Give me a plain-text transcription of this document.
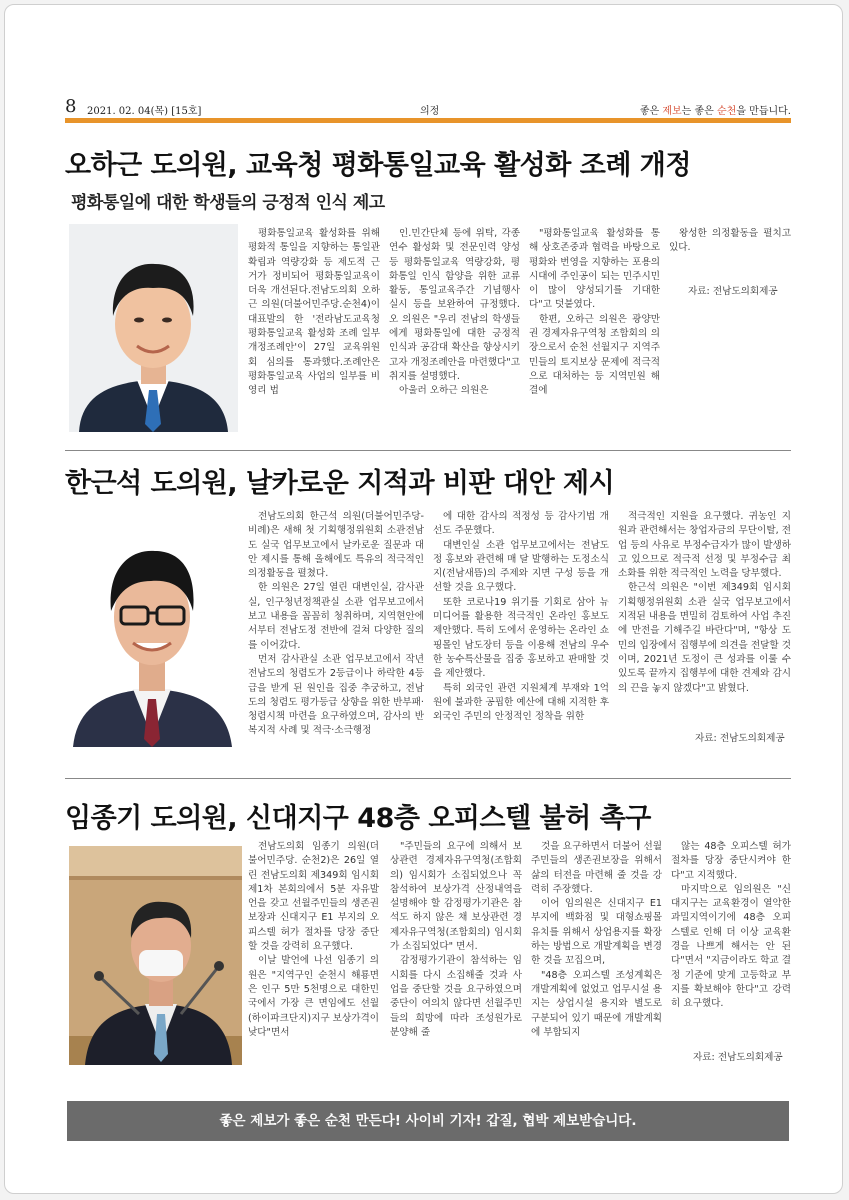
8 2021. 02. 04(목) [15호]	의정	좋은 제보는 좋은 순천을 만듭니다.
오하근 도의원, 교육청 평화통일교육 활성화 조례 개정
평화통일에 대한 학생들의 긍정적 인식 제고
평화통일교육 활성화를 위해 평화적 통일을 지향하는 통일관 확립과 역량강화 등 제도적 근거가 정비되어 평화통일교육이 더욱 개선된다.전남도의회 오하근 의원(더불어민주당.순천4)이 대표발의 한 '전라남도교육청 평화통일교육 활성화 조례 일부개정조례안'이 27일 교육위원회 심의를 통과했다.조례안은 평화통일교육 사업의 일부를 비영리 법
인.민간단체 등에 위탁, 각종 연수 활성화 및 전문인력 양성 등 평화통일교육 역량강화, 평화통일 인식 함양을 위한 교류활동, 통일교육주간 기념행사 실시 등을 보완하여 규정했다.오 의원은 "우리 전남의 학생들에게 평화통일에 대한 긍정적 인식과 공감대 확산을 향상시키고자 개정조례안을 마련했다"고 취지를 설명했다.
아울러 오하근 의원은
"평화통일교육 활성화를 통해 상호존중과 협력을 바탕으로 평화와 번영을 지향하는 포용의 시대에 주인공이 되는 민주시민이 많이 양성되기를 기대한다"고 덧붙였다.
한편, 오하근 의원은 광양만권 경제자유구역청 조합회의 의장으로서 순천 선월지구 지역주민들의 토지보상 문제에 적극적으로 대처하는 등 지역민원 해결에
왕성한 의정활동을 펼치고 있다.
자료: 전남도의회제공
한근석 도의원, 날카로운 지적과 비판 대안 제시
전남도의회 한근석 의원(더불어민주당-비례)은 새해 첫 기획행정위원회 소관전남도 실국 업무보고에서 날카로운 질문과 대안 제시를 통해 올해에도 특유의 적극적인 의정활동을 펼쳤다.
한 의원은 27일 열린 대변인실, 감사관실, 인구청년정책관실 소관 업무보고에서 보고 내용을 꼼꼼히 청취하며, 지역현안에서부터 전남도정 전반에 걸쳐 다양한 질의를 이어갔다.
먼저 감사관실 소관 업무보고에서 작년 전남도의 청렴도가 2등급이나 하락한 4등급을 받게 된 원인을 집중 추궁하고, 전남도의 청렴도 평가등급 상향을 위한 반부패·청렴시책 마련을 요구하였으며, 감사의 반복지적 사례 및 적극·소극행정
에 대한 감사의 적정성 등 감사기법 개선도 주문했다.
대변인실 소관 업무보고에서는 전남도정 홍보와 관련해 매 달 발행하는 도정소식지(전남새뜸)의 주제와 지면 구성 등을 개선할 것을 요구했다.
또한 코로나19 위기를 기회로 삼아 뉴미디어를 활용한 적극적인 온라인 홍보도 제안했다. 특히 도에서 운영하는 온라인 쇼핑몰인 남도장터 등을 이용해 전남의 우수한 농수특산물을 집중 홍보하고 판매할 것을 제안했다.
특히 외국인 관련 지원체계 부재와 1억 원에 불과한 공핍한 예산에 대해 지적한 후 외국인 주민의 안정적인 정착을 위한
적극적인 지원을 요구했다. 귀농인 지원과 관련해서는 창업자금의 무단이탈, 전업 등의 사유로 부정수급자가 많이 발생하고 있으므로 적극적 선정 및 부정수급 최소화를 위한 적극적인 노력을 당부했다.
한근석 의원은 "이번 제349회 임시회 기획행정위원회 소관 실국 업무보고에서 지적된 내용을 면밀히 검토하여 사업 추진에 만전을 기해주길 바란다"며, "항상 도민의 입장에서 집행부에 의견을 전달할 것이며, 2021년 도정이 큰 성과를 이룰 수 있도록 끝까지 집행부에 대한 견제와 감시의 끈을 놓지 않겠다"고 밝혔다.
자료: 전남도의회제공
임종기 도의원, 신대지구 48층 오피스텔 불허 촉구
전남도의회 임종기 의원(더불어민주당. 순천2)은 26일 열린 전남도의회 제349회 임시회 제1차 본회의에서 5분 자유발언을 갖고 선월주민들의 생존권 보장과 신대지구 E1 부지의 오피스텔 허가 절차를 당장 중단할 것을 강력히 요구했다.
이날 발언에 나선 임종기 의원은 "지역구인 순천시 해룡면은 인구 5만 5천명으로 대한민국에서 가장 큰 면임에도 선월(하이파크단지)지구 보상가격이 낮다"면서
"주민들의 요구에 의해서 보상관련 경제자유구역청(조합회의) 임시회가 소집되었으나 꼭 참석하여 보상가격 산정내역을 설명해야 할 감정평가기관은 참석도 하지 않은 채 보상관련 경제자유구역청(조합회의) 임시회가 소집되었다" 면서.
감정평가기관이 참석하는 임시회를 다시 소집해줄 것과 사업을 중단할 것을 요구하였으며 중단이 여의치 않다면 선월주민들의 희망에 따라 조성원가로 분양해 줄
것을 요구하면서 더불어 선월주민들의 생존권보장을 위해서 삶의 터전을 마련해 줄 것을 강력히 주장했다.
이어 임의원은 신대지구 E1 부지에 백화점 및 대형쇼핑몰 유치를 위해서 상업용지를 확장하는 방법으로 개발계획을 변경한 것을 꼬집으며,
"48층 오피스텔 조성계획은 개발계획에 없었고 업무시설 용지는 상업시설 용지와 별도로 구분되어 있기 때문에 개발계획에 부합되지
않는 48층 오피스텔 허가 절차를 당장 중단시켜야 한다"고 지적했다.
마지막으로 임의원은 "신대지구는 교육환경이 열악한 과밀지역이기에 48층 오피스텔로 인해 더 이상 교육환경을 나쁘게 해서는 안 된다"면서 "지금이라도 학교 결정 기준에 맞게 고등학교 부지를 확보해야 한다"고 강력히 요구했다.
자료: 전남도의회제공
좋은 제보가 좋은 순천 만든다! 사이비 기자! 갑질, 협박 제보받습니다.
